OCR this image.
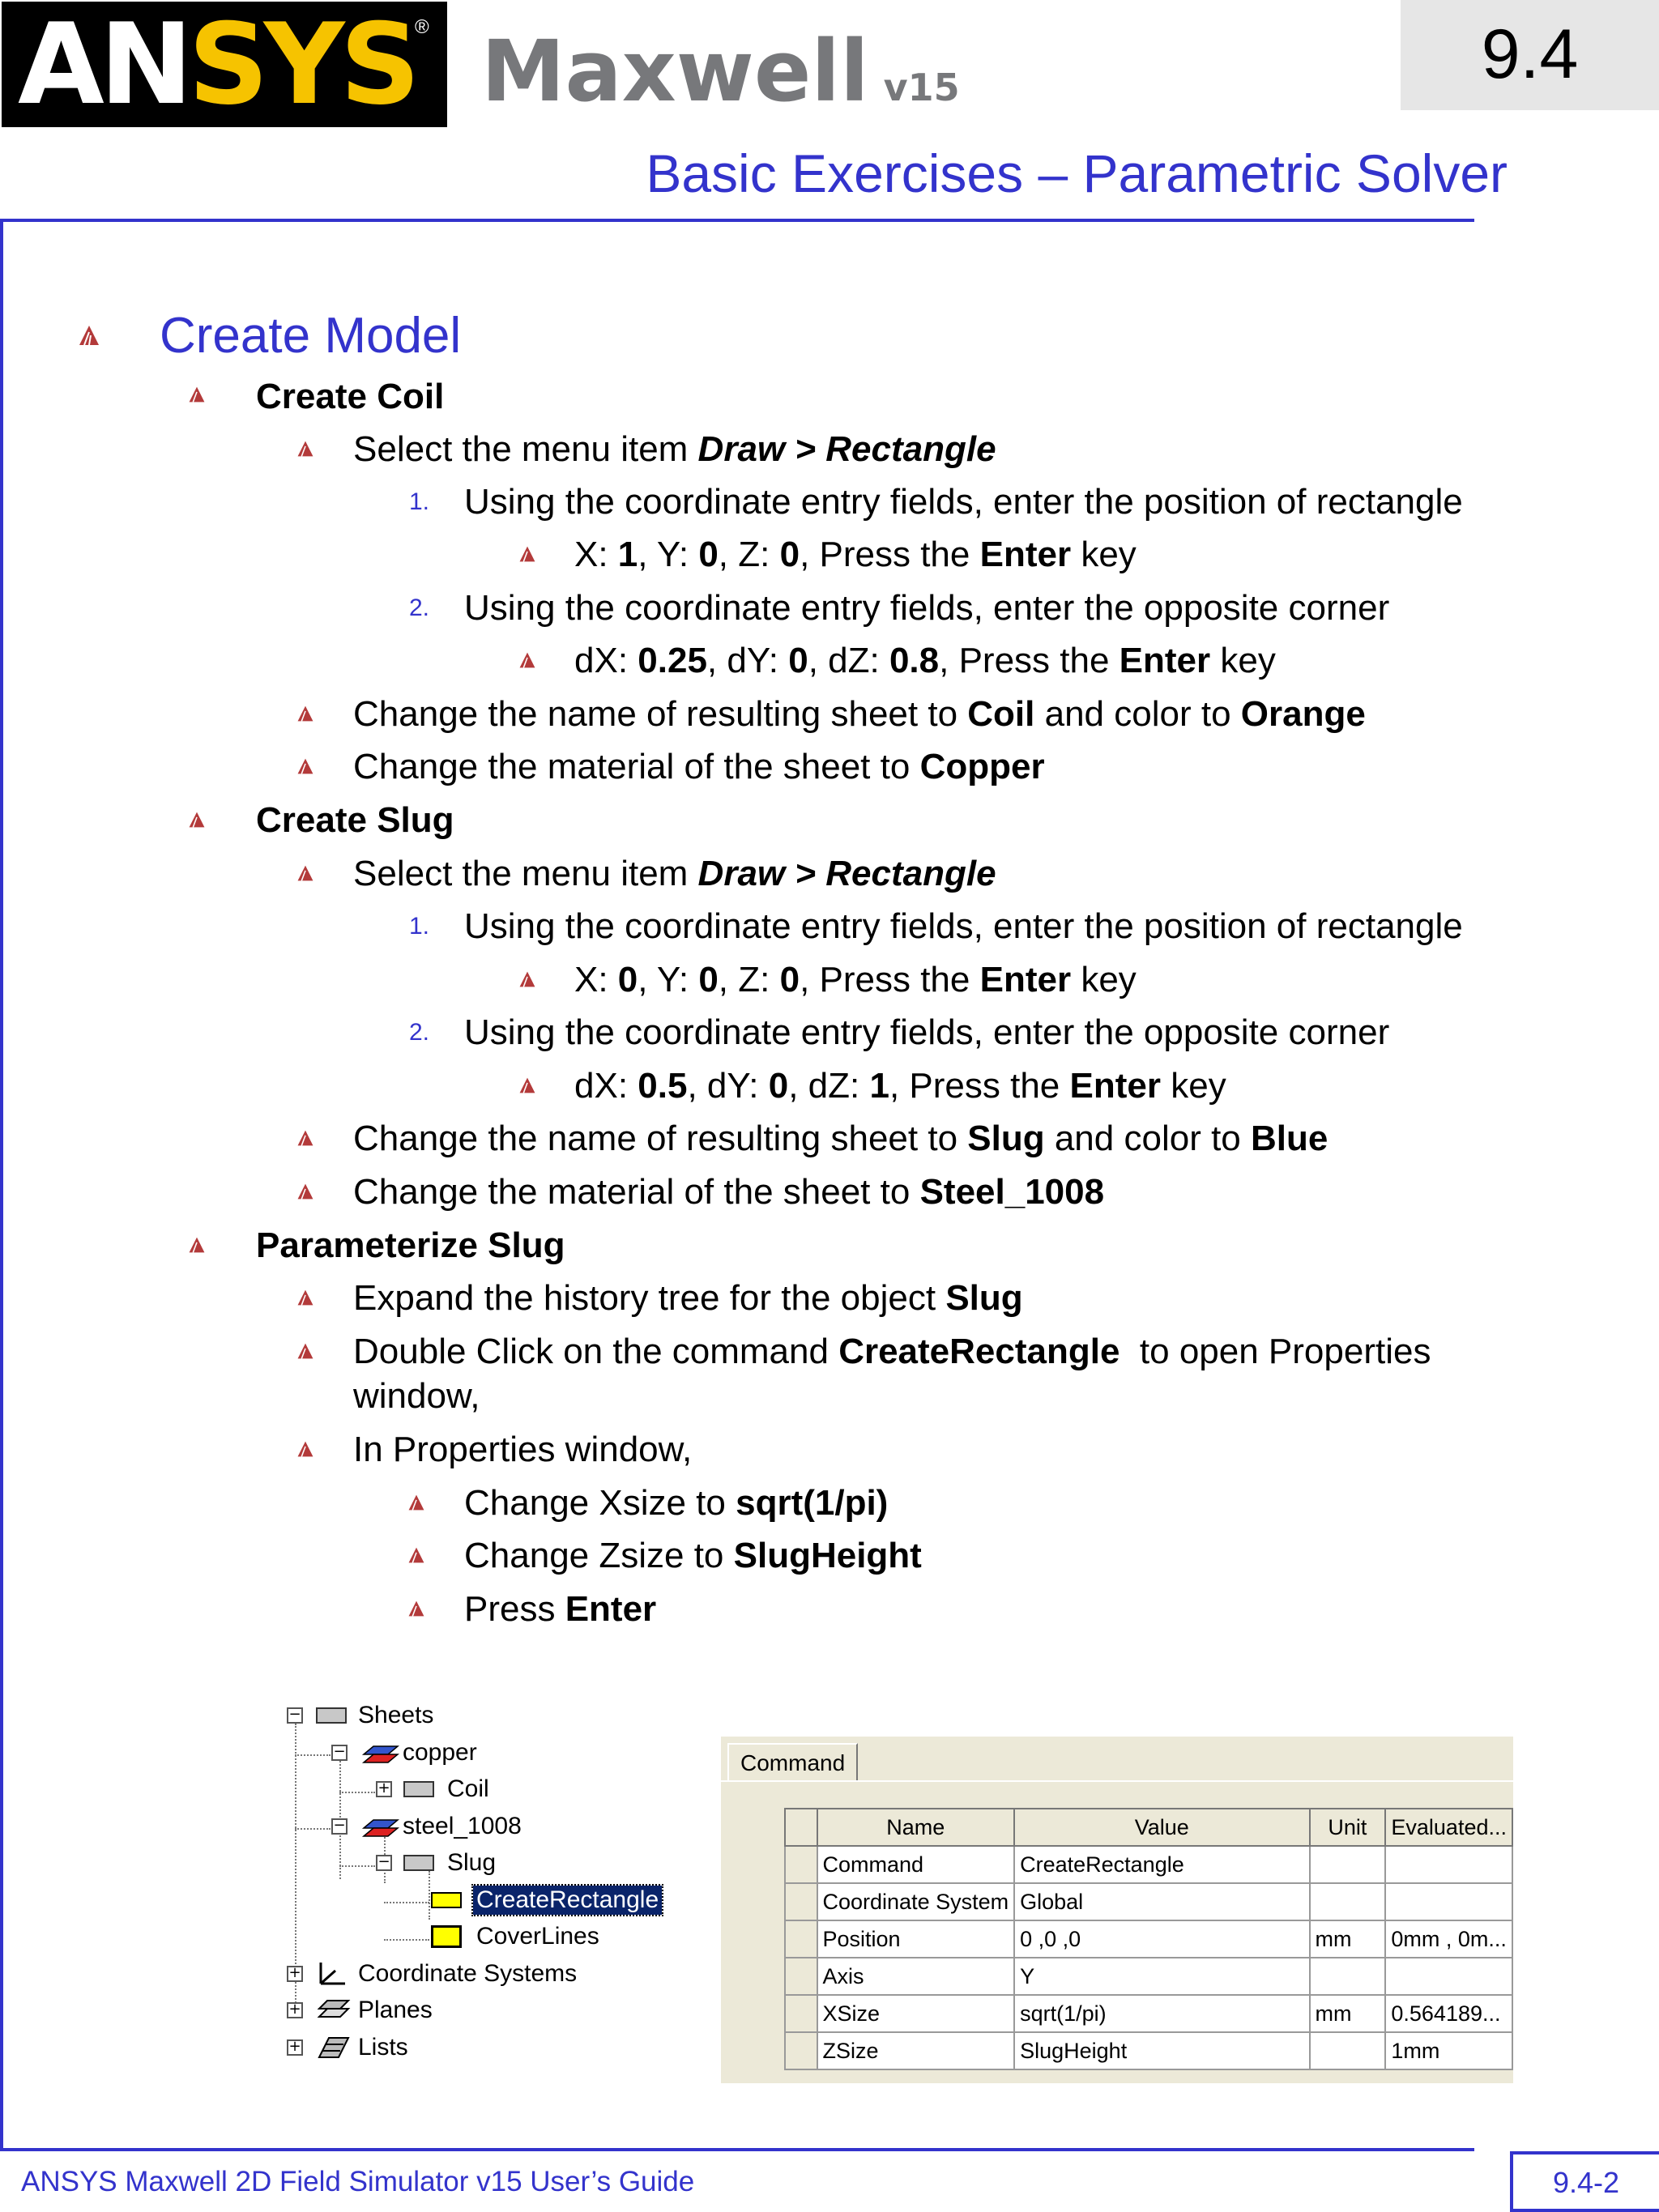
ANSYS
® Maxwell v15	9.4
Basic Exercises – Parametric Solver
Create Model
Create Coil
Select the menu item Draw > Rectangle
1. Using the coordinate entry fields, enter the position of rectangle
X: 1, Y: 0, Z: 0, Press the Enter key
2. Using the coordinate entry fields, enter the opposite corner
dX: 0.25, dY: 0, dZ: 0.8, Press the Enter key
Change the name of resulting sheet to Coil and color to Orange
Change the material of the sheet to Copper
Create Slug
Select the menu item Draw > Rectangle
1. Using the coordinate entry fields, enter the position of rectangle
X: 0, Y: 0, Z: 0, Press the Enter key
2. Using the coordinate entry fields, enter the opposite corner
dX: 0.5, dY: 0, dZ: 1, Press the Enter key
Change the name of resulting sheet to Slug and color to Blue
Change the material of the sheet to Steel_1008
Parameterize Slug
Expand the history tree for the object Slug
Double Click on the command CreateRectangle  to open Properties
window,
In Properties window,
Change Xsize to sqrt(1/pi)
Change Zsize to SlugHeight
Press Enter
− Sheets
− copper
+ Coil
− steel_1008
− Slug
CreateRectangle
CoverLines
+ Coordinate Systems
+ Planes
+ Lists
Command
	Name	Value	Unit	Evaluated...
	Command	CreateRectangle		
	Coordinate System	Global		
	Position	0 ,0 ,0	mm	0mm , 0m...
	Axis	Y		
	XSize	sqrt(1/pi)	mm	0.564189...
	ZSize	SlugHeight		1mm
ANSYS Maxwell 2D Field Simulator v15 User’s Guide	9.4-2
